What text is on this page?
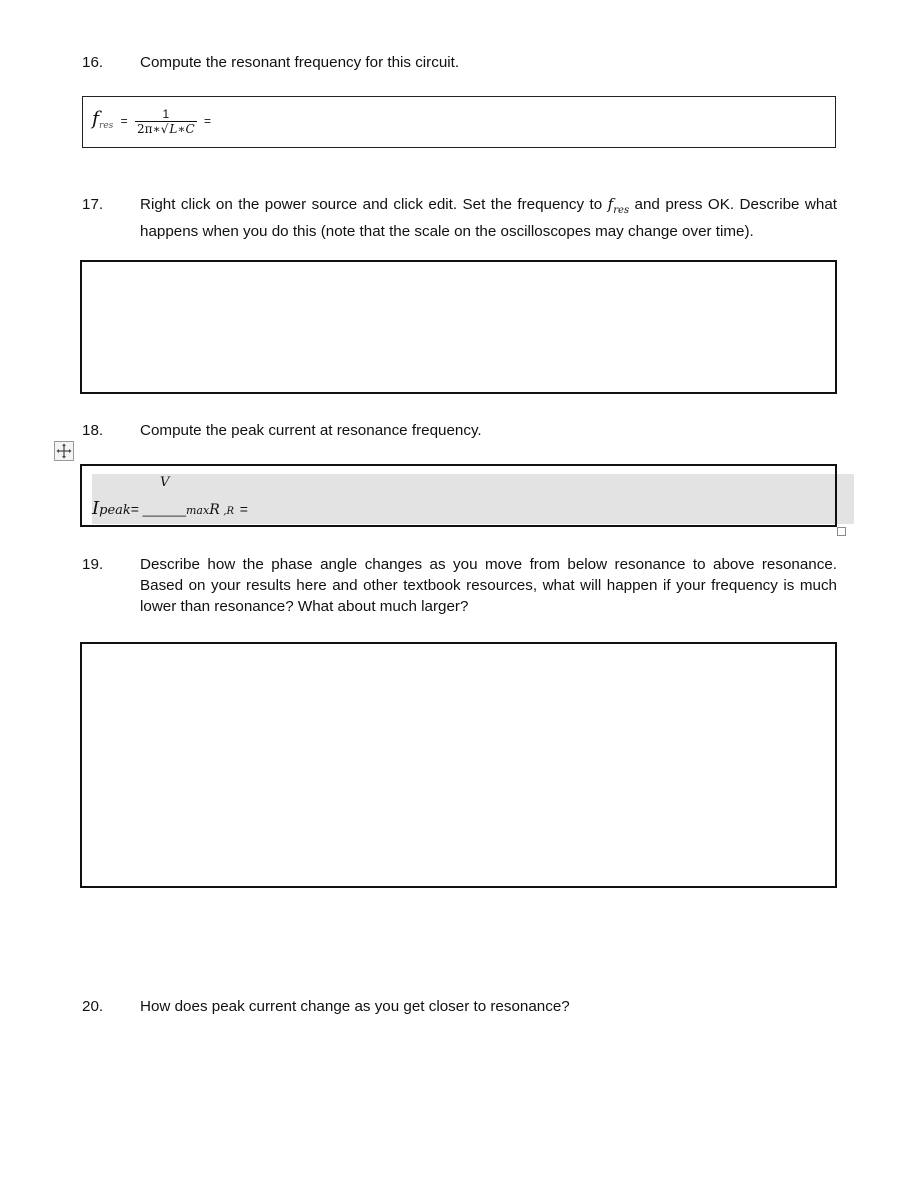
16. Compute the resonant frequency for this circuit.
$f_{res} = \frac{1}{2\pi∗√L∗C}$ =
17. Right click on the power source and click edit. Set the frequency to $f_{res}$ and press OK. Describe what happens when you do this (note that the scale on the oscilloscopes may change over time).
18. Compute the peak current at resonance frequency.
V
Ipeak= ______maxR ,R =
19. Describe how the phase angle changes as you move from below resonance to above resonance. Based on your results here and other textbook resources, what will happen if your frequency is much lower than resonance? What about much larger?
20. How does peak current change as you get closer to resonance?
